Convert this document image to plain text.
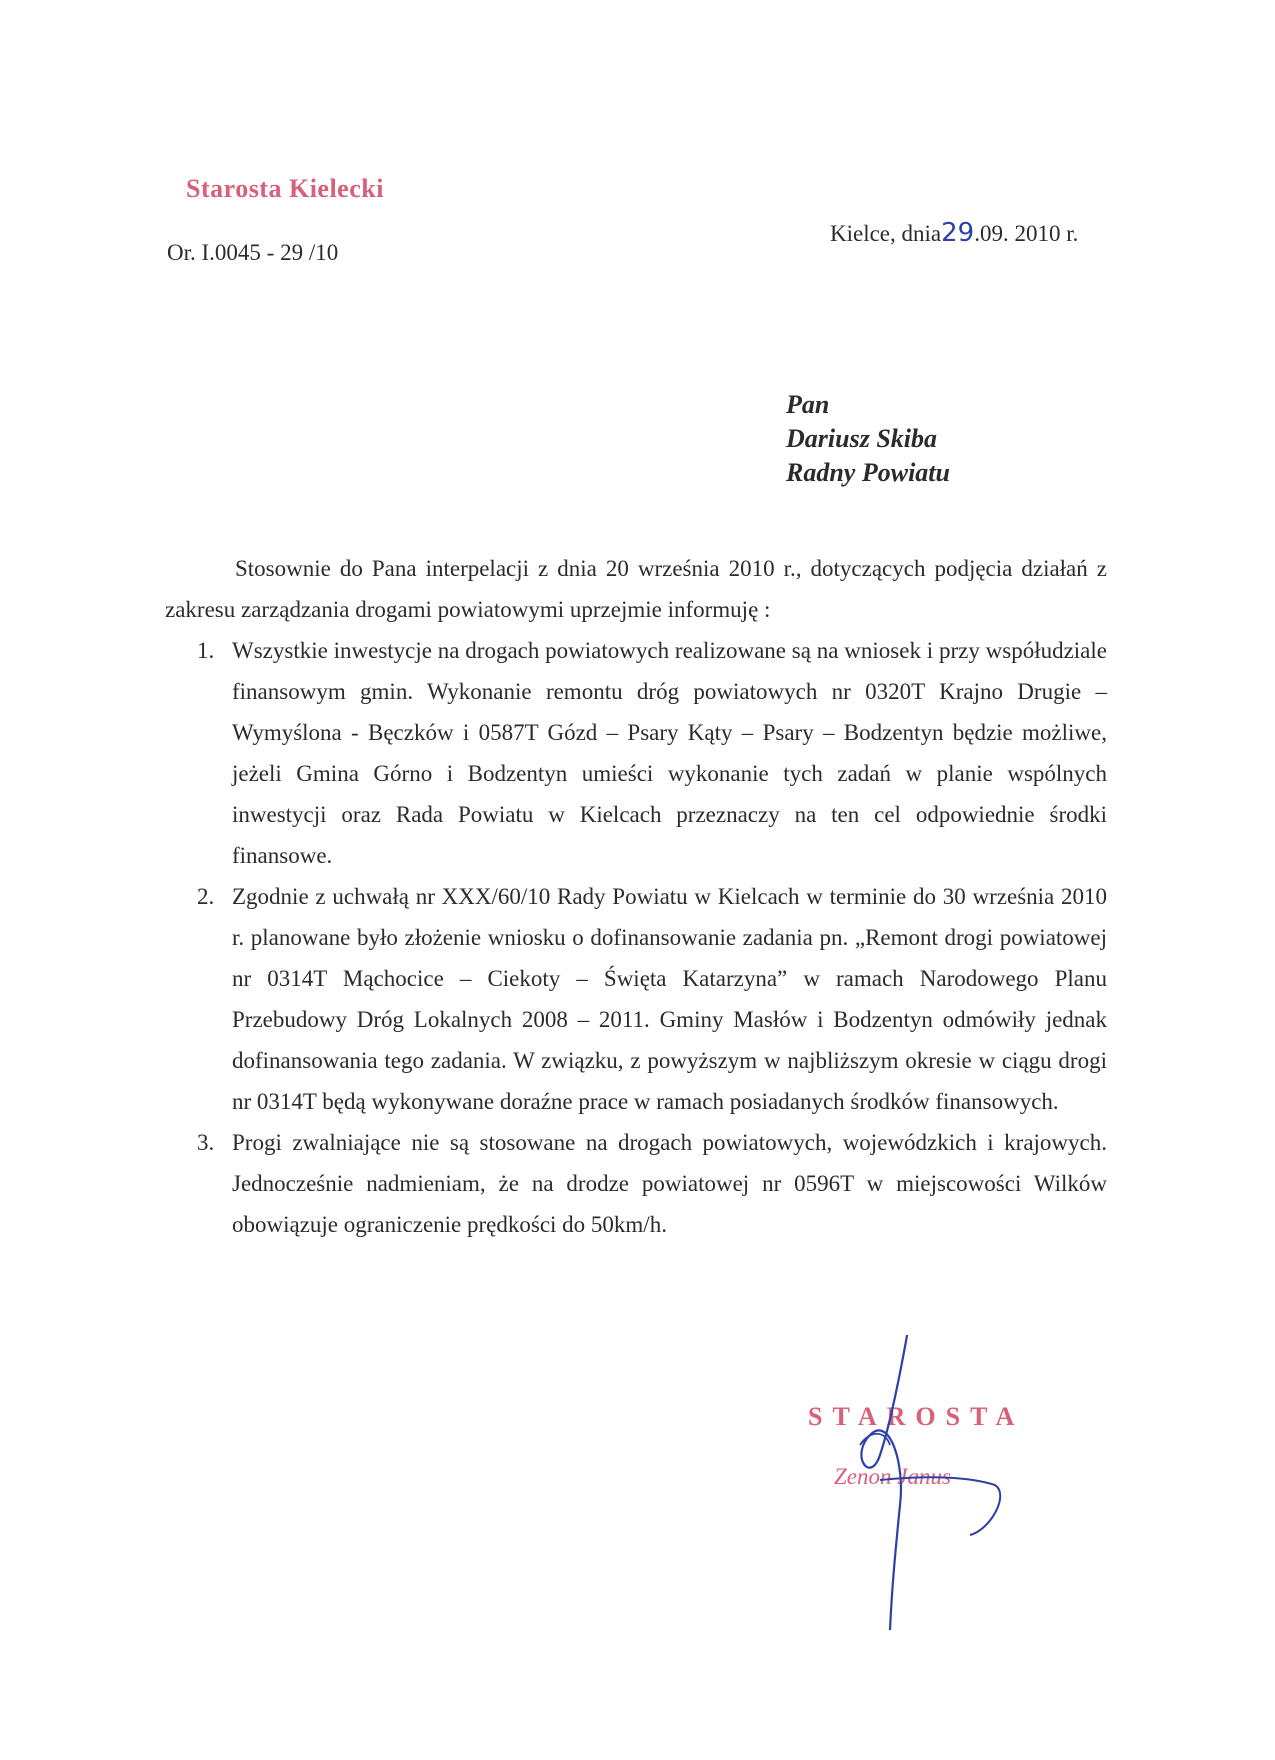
Starosta Kielecki
Or. I.0045 - 29 /10
Kielce, dnia29.09. 2010 r.
Pan
Dariusz Skiba
Radny Powiatu

Stosownie do Pana interpelacji z dnia 20 września 2010 r., dotyczących podjęcia działań z zakresu zarządzania drogami powiatowymi uprzejmie informuję :

1. Wszystkie inwestycje na drogach powiatowych realizowane są na wniosek i przy współudziale finansowym gmin. Wykonanie remontu dróg powiatowych nr 0320T Krajno Drugie – Wymyślona - Bęczków i 0587T Gózd – Psary Kąty – Psary – Bodzentyn będzie możliwe, jeżeli Gmina Górno i Bodzentyn umieści wykonanie tych zadań w planie wspólnych inwestycji oraz Rada Powiatu w Kielcach przeznaczy na ten cel odpowiednie środki finansowe.
2. Zgodnie z uchwałą nr XXX/60/10 Rady Powiatu w Kielcach w terminie do 30 września 2010 r. planowane było złożenie wniosku o dofinansowanie zadania pn. „Remont drogi powiatowej nr 0314T Mąchocice – Ciekoty – Święta Katarzyna” w ramach Narodowego Planu Przebudowy Dróg Lokalnych 2008 – 2011. Gminy Masłów i Bodzentyn odmówiły jednak dofinansowania tego zadania. W związku, z powyższym w najbliższym okresie w ciągu drogi nr 0314T będą wykonywane doraźne prace w ramach posiadanych środków finansowych.
3. Progi zwalniające nie są stosowane na drogach powiatowych, wojewódzkich i krajowych. Jednocześnie nadmieniam, że na drodze powiatowej nr 0596T w miejscowości Wilków obowiązuje ograniczenie prędkości do 50km/h.
STAROSTA
Zenon Janus
